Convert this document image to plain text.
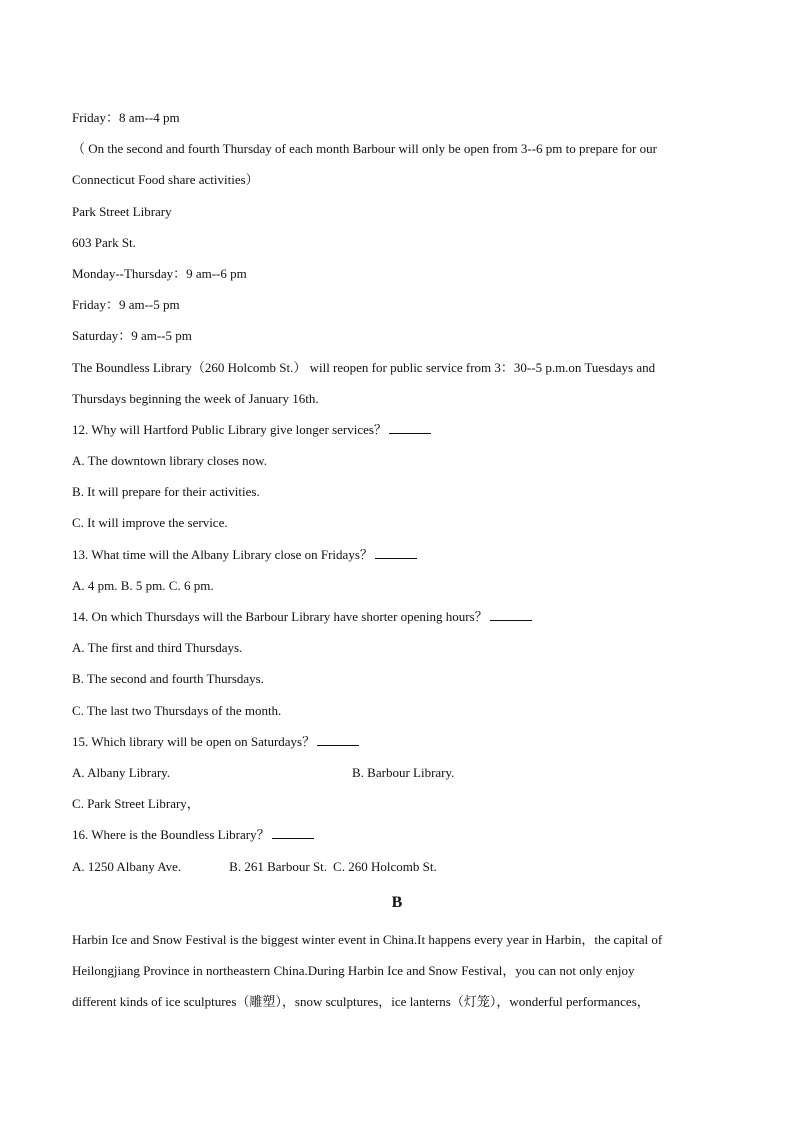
Friday：8 am--4 pm

（ On the second and fourth Thursday of each month Barbour will only be open from 3--6 pm to prepare for our

Connecticut Food share activities）

Park Street Library

603 Park St.

Monday--Thursday：9 am--6 pm

Friday：9 am--5 pm

Saturday：9 am--5 pm

The Boundless Library（260 Holcomb St.） will reopen for public service from 3：30--5 p.m.on Tuesdays and

Thursdays beginning the week of January 16th.

12. Why will Hartford Public Library give longer services？

A. The downtown library closes now.

B. It will prepare for their activities.

C. It will improve the service.

13. What time will the Albany Library close on Fridays？

A. 4 pm. B. 5 pm. C. 6 pm.

14. On which Thursdays will the Barbour Library have shorter opening hours？

A. The first and third Thursdays.

B. The second and fourth Thursdays.

C. The last two Thursdays of the month.

15. Which library will be open on Saturdays？

A. Albany Library.	B. Barbour Library.

C. Park Street Library，

16. Where is the Boundless Library？

A. 1250 Albany Ave.	B. 261 Barbour St. C. 260 Holcomb St.

B

Harbin Ice and Snow Festival is the biggest winter event in China.It happens every year in Harbin，the capital of

Heilongjiang Province in northeastern China.During Harbin Ice and Snow Festival，you can not only enjoy

different kinds of ice sculptures（雕塑），snow sculptures，ice lanterns（灯笼），wonderful performances，
